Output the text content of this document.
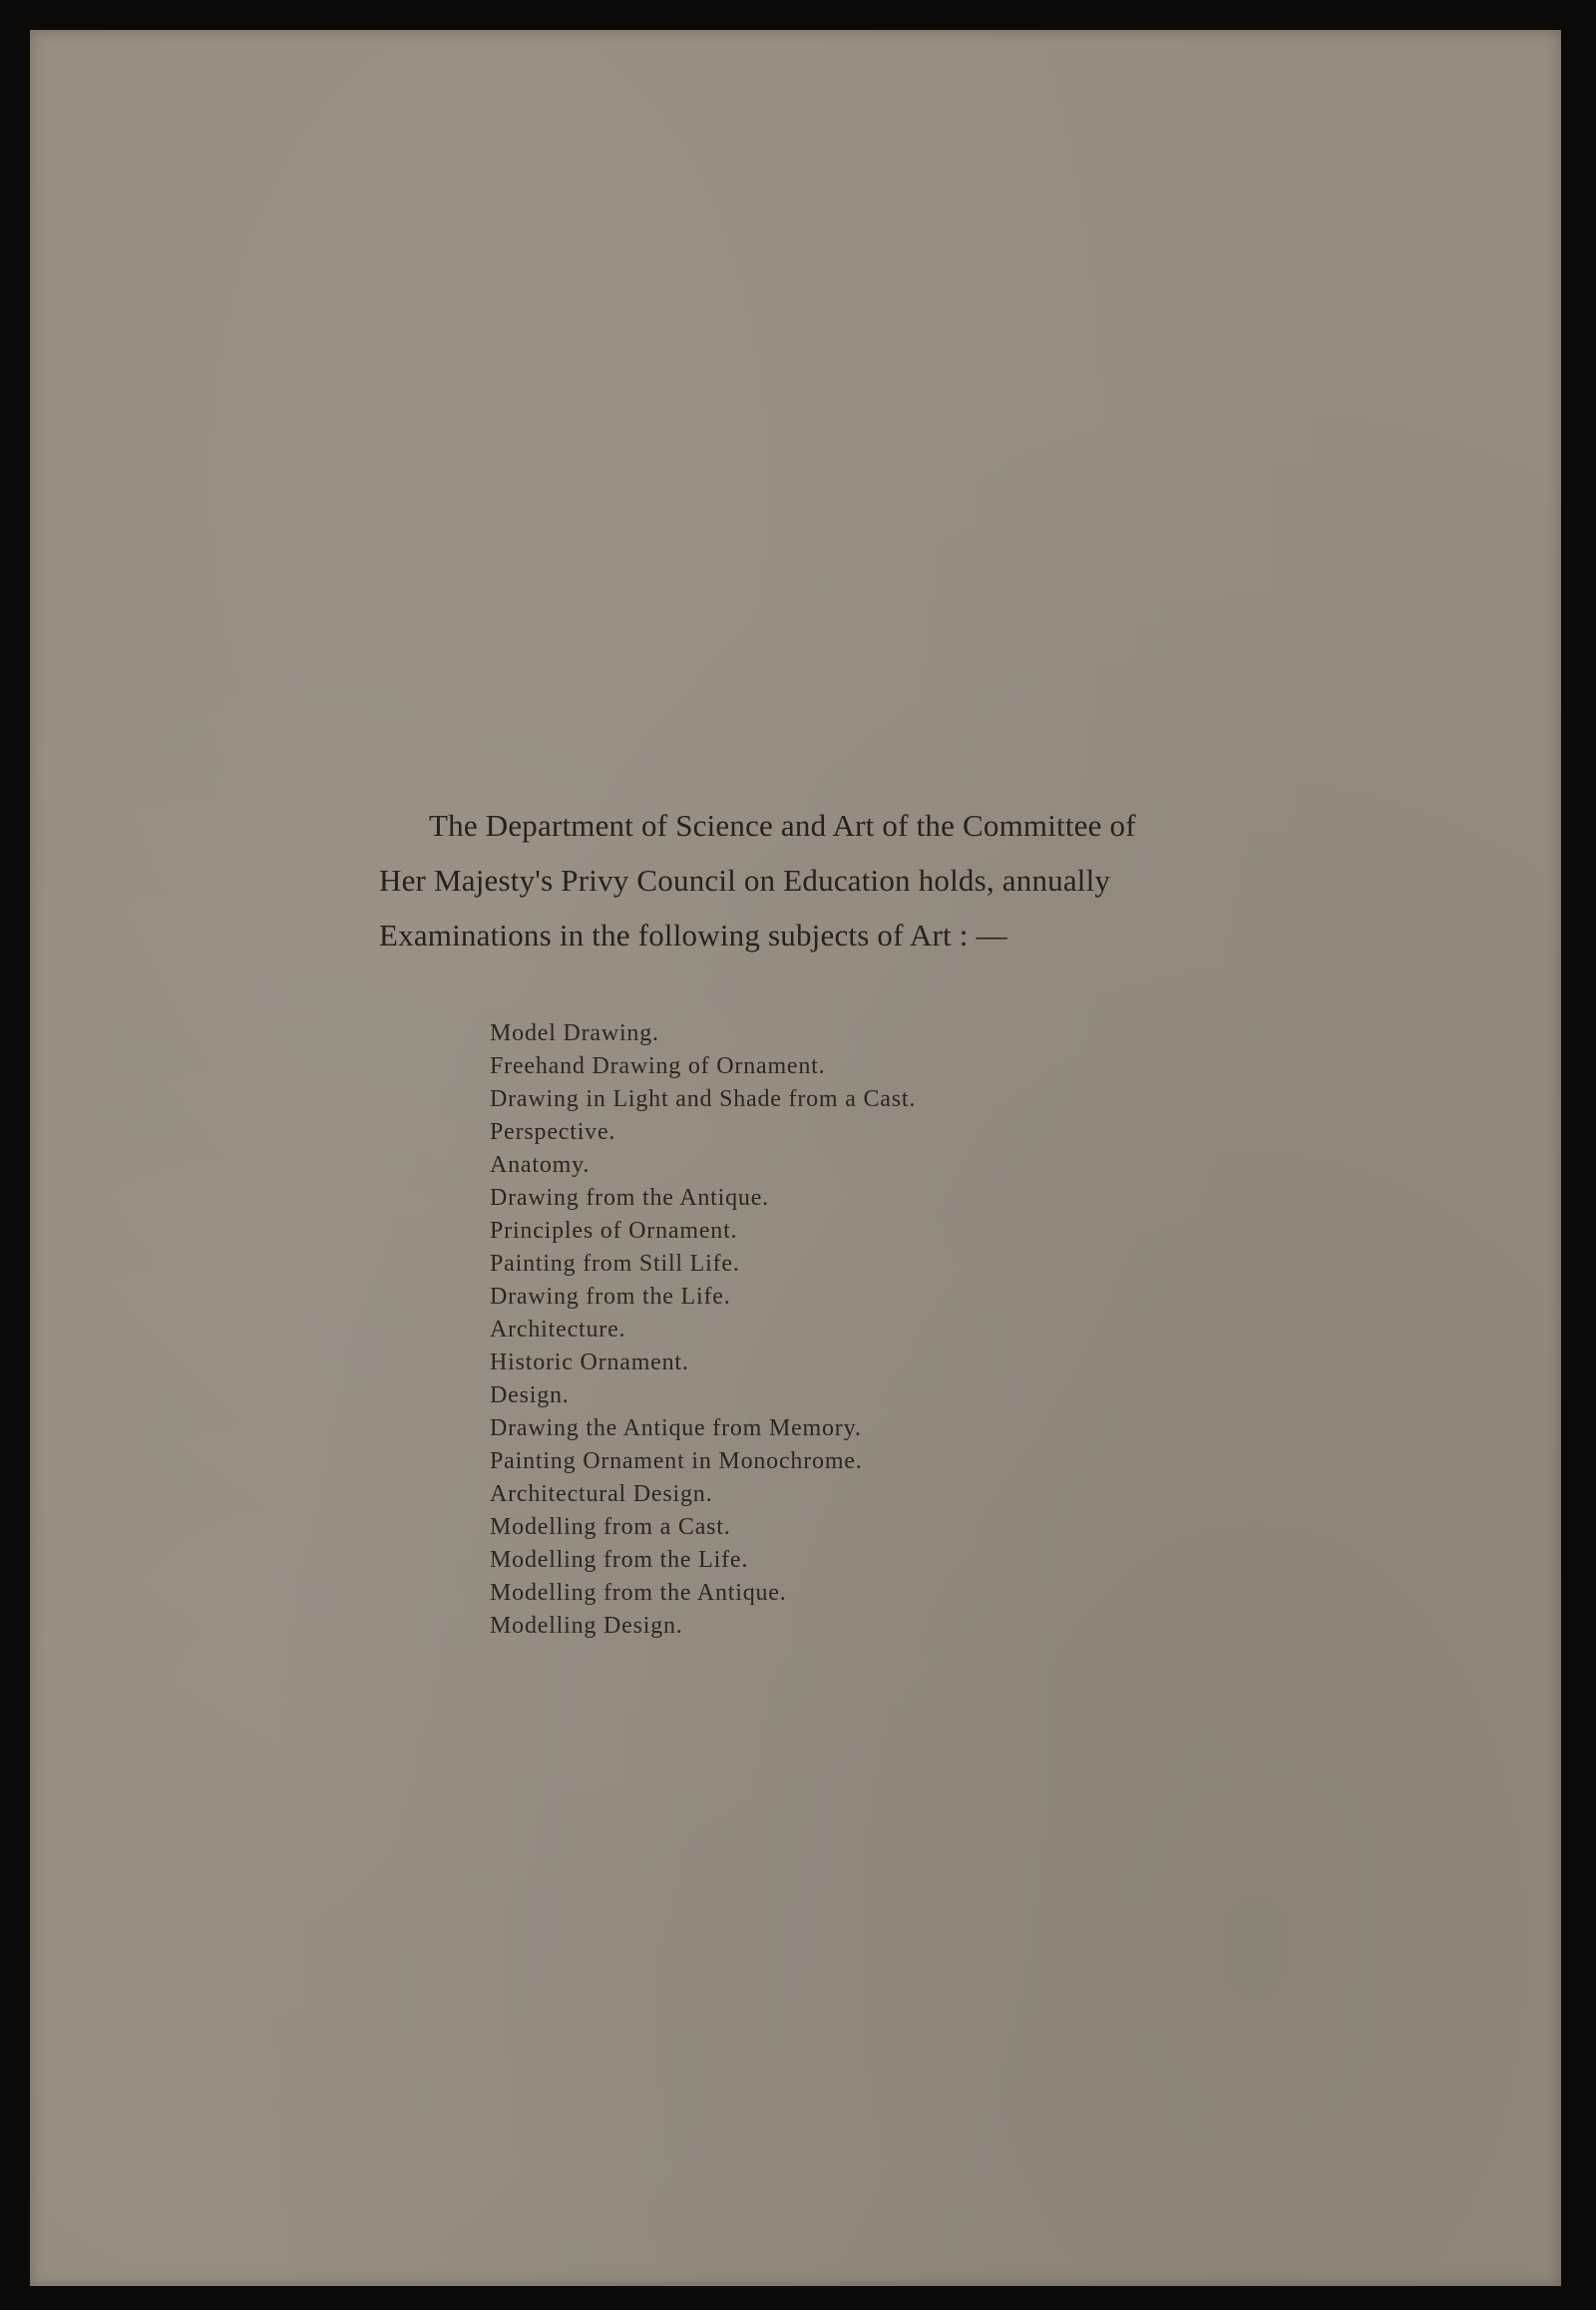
The Department of Science and Art of the Committee of
Her Majesty's Privy Council on Education holds, annually
Examinations in the following subjects of Art : —

Model Drawing.
Freehand Drawing of Ornament.
Drawing in Light and Shade from a Cast.
Perspective.
Anatomy.
Drawing from the Antique.
Principles of Ornament.
Painting from Still Life.
Drawing from the Life.
Architecture.
Historic Ornament.
Design.
Drawing the Antique from Memory.
Painting Ornament in Monochrome.
Architectural Design.
Modelling from a Cast.
Modelling from the Life.
Modelling from the Antique.
Modelling Design.
